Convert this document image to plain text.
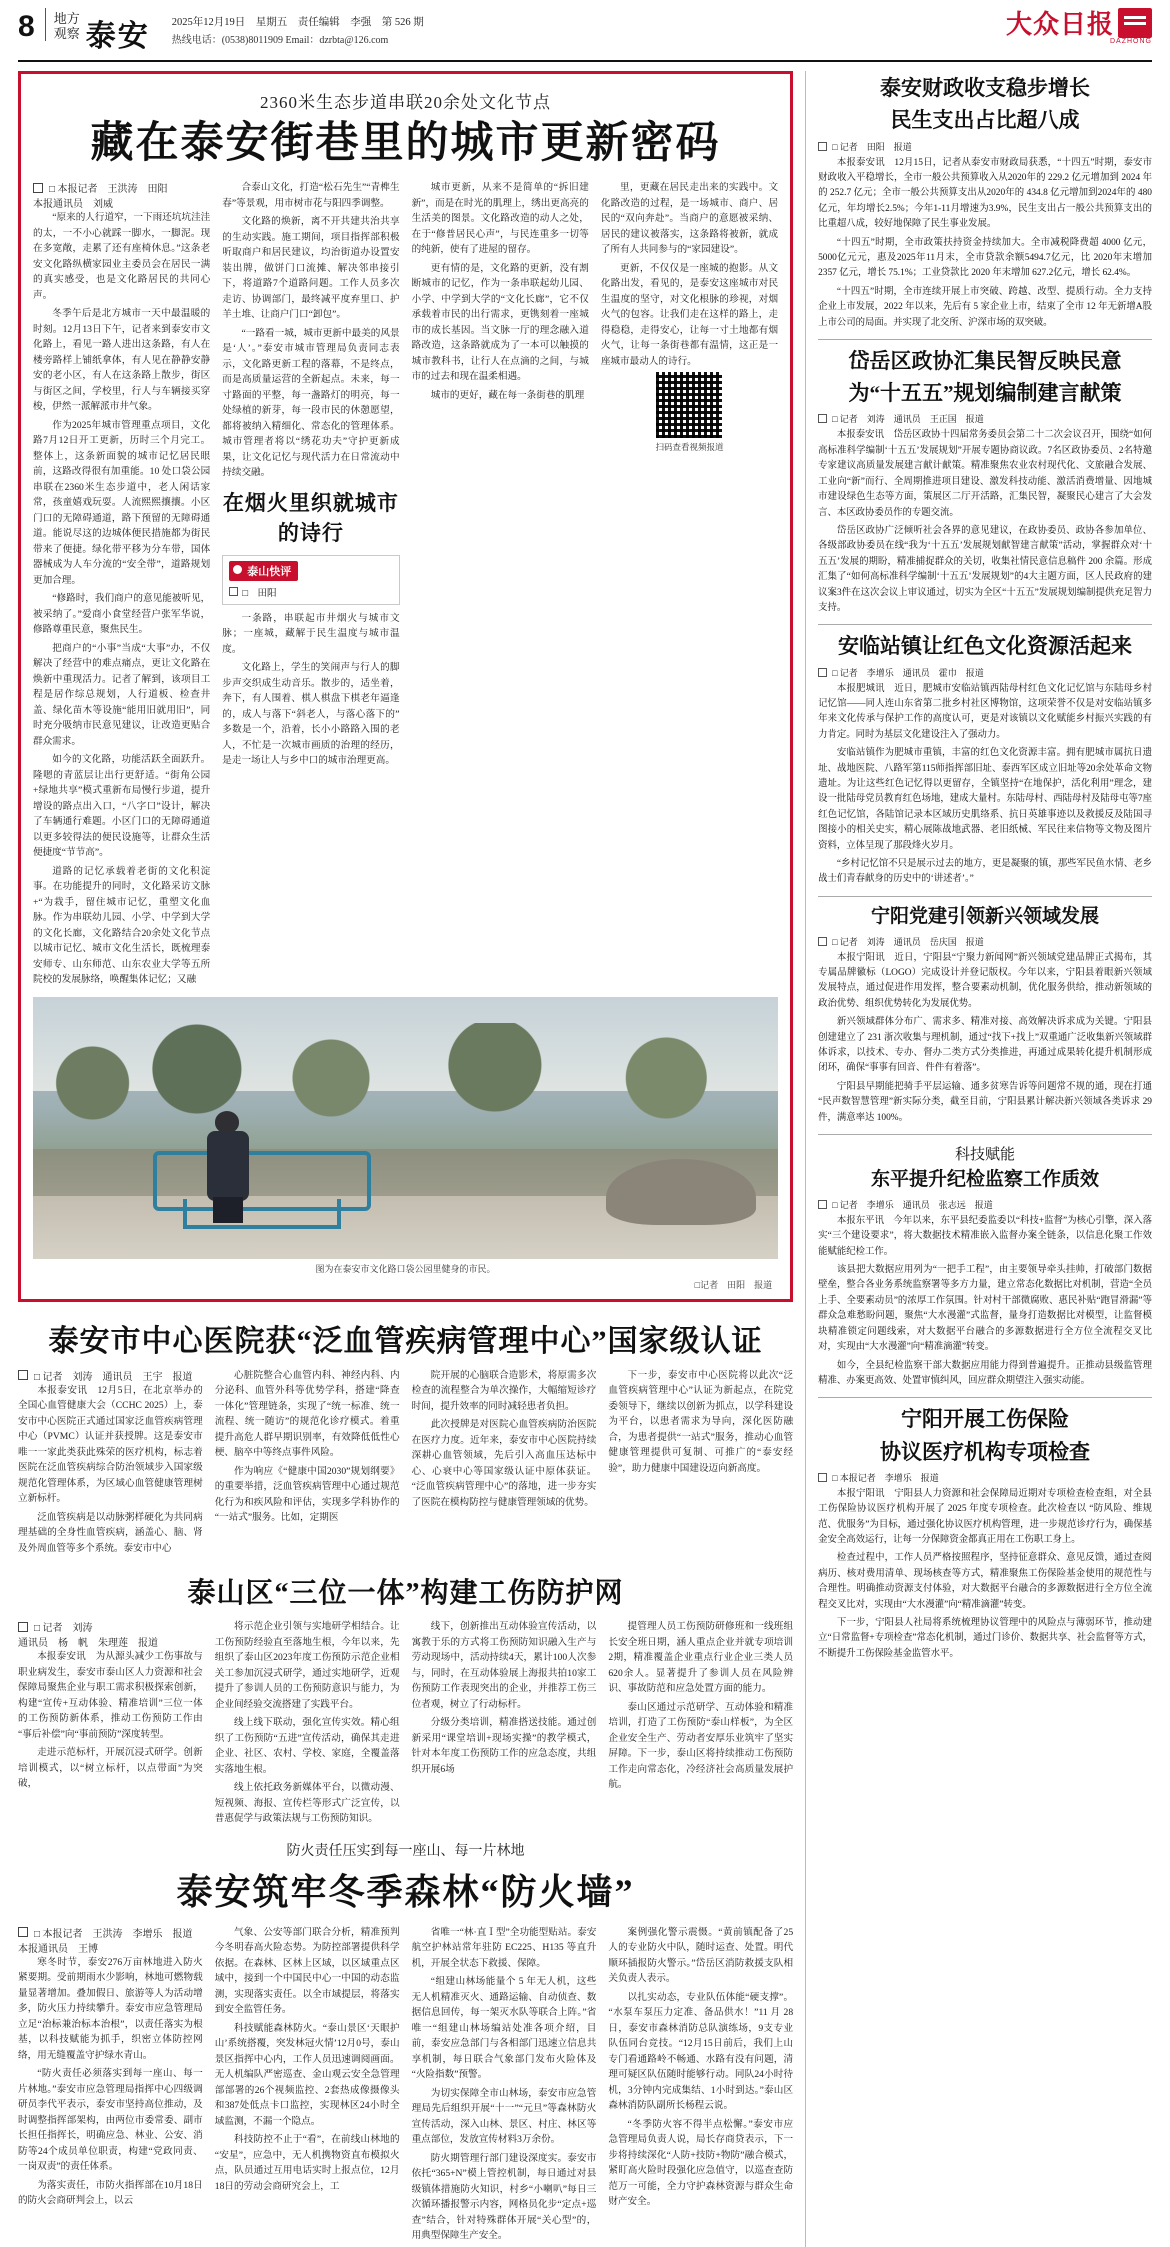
8	地方
观察 泰安	2025年12月19日　星期五　责任编辑　李强　第 526 期
热线电话：(0538)8011909 Email：dzrbta@126.com
大众日报
DAZHONG
2360米生态步道串联20余处文化节点
藏在泰安街巷里的城市更新密码
□ 本报记者　王洪涛　田阳
本报通讯员　刘威

“原来的人行道窄，一下雨还坑坑洼洼的太，一不小心就踩一脚水，一脚泥。现在多宽敞，走累了还有座椅休息。”这条老安文化路纵横家园业主委员会在居民一满的真实感受，也是文化路居民的共同心声。

冬季午后是北方城市一天中最温暖的时刻。12月13日下午，记者来到泰安市文化路上，看见一路人进出这条路，有人在楼旁路样上铺纸拿体，有人见在静静安静安的老小区，有人在这条路上散步，街区与街区之间，学校里，行人与车辆接买穿梭，伊然一派解派市井气象。

作为2025年城市管理重点项目，文化路7月12日开工更新，历时三个月完工。整体上，这条新面貌的城市记忆居民眼前，这路改得很有加重能。10 处口袋公园串联在2360米生态步道中，老人闲话家常，孩童嬉戏玩耍。人流熙熙攘攘。小区门口的无障碍通道，路下预留的无障碍通道。能说尽这的边城体便民措施都为街民带来了便捷。绿化带平移为分车带，国体器械成为人车分流的“安全带”，道路规划更加合理。

“修路时，我们商户的意见能被听见，被采纳了。”爱商小食堂经营户张军华说，修路尊重民意，聚焦民生。

把商户的“小事”当成“大事”办，不仅解决了经营中的难点痛点，更让文化路在焕新中重现活力。记者了解到，该项目工程是居作综总规划，人行道板、检查井盖、绿化苗木等设施“能用旧就用旧”，同时充分吸纳市民意见建议，让改造更贴合群众需求。

如今的文化路，功能活跃全面跃升。隆嗯的青蓝层让出行更舒适。“街角公园+绿地共享”模式重新布局慢行步道，提升增设的路点出入口，“八字口”设计，解决了车辆通行难题。小区门口的无障碍通道以更多较得法的便民设施等，让群众生活便捷度“节节高”。

道路的记忆承载着老街的文化积淀事。在功能提升的同时，文化路采访文脉+“为栽手，留住城市记忆，重塑文化血脉。作为串联幼儿园、小学、中学到大学的文化长廊，文化路结合20余处文化节点以城市记忆、城市文化生活长，既梳理泰安师专、山东师范、山东农业大学等五所院校的发展脉络，唤醒集体记忆；又融

合泰山文化，打造“松石先生”“青榫生春”等景观，用市树市花与阳四季调整。

文化路的焕新，离不开共建共治共享的生动实践。施工期间，项目指挥部积极听取商户和居民建议，均治街道办设置安装出牌，做饼门口流摊、解决邻串接引下，将道路7个道路问题。工作人员多次走访、协调部门，最终减平度弃里口、护羊土堆、让商户门口“卸包”。

“一路看一城，城市更新中最美的风景是‘人’。”泰安市城市管理局负责同志表示，文化路更新工程的落幕，不是终点，而是高质量运营的全新起点。未来，每一寸路面的平整，每一盏路灯的明亮，每一处绿植的新芽，每一段市民的休憩愿望，都将被纳入精细化、常态化的管理体系。城市管理者将以“绣花功夫”守护更新成果，让文化记忆与现代活力在日常流动中持续交融。

在烟火里织就城市的诗行
泰山快评
□　田阳

一条路，串联起市井烟火与城市文脉；一座城，藏解于民生温度与城市温度。

文化路上，学生的笑闹声与行人的脚步声交织成生动音乐。散步的，适坐着，奔下，有人围着、棋人棋盘下棋老年逼逢的，成人与落下“斜老人，与落心落下的”多数是一个，沿着，长小小路路入围的老人，不忙是一次城市画质的治理的经历，是走一场让人与乡中口的城市治理更高。

城市更新，从来不是简单的“拆旧建新”，而是在时光的肌理上，绣出更高亮的生活美的图景。文化路改造的动人之处，在于“修普居民心声”，与民连重多一切等的纯新，使有了进屋的留存。

更有情的是，文化路的更新，没有割断城市的记忆，作为一条串联起幼儿园、小学、中学到大学的“文化长廊”，它不仅承载着市民的出行需求，更镌刻着一座城市的成长基因。当文脉一厅的理念融入道路改造，这条路就成为了一本可以触摸的城市教科书，让行人在点滴的之间，与城市的过去和现在温柔相遇。

城市的更好，藏在每一条街巷的肌理

里，更藏在居民走出来的实践中。文化路改造的过程，是一场城市、商户、居民的“双向奔赴”。当商户的意愿被采纳、居民的建议被落实，这条路将被新，就成了所有人共同参与的“家园建设”。

更新，不仅仅是一座城的抱影。从文化路出发，看见的，是泰安这座城市对民生温度的坚守，对文化根脉的珍视，对烟火气的包容。让我们走在这样的路上，走得稳稳，走得安心，让每一寸土地都有烟火气，让每一条街巷都有温情，这正是一座城市最动人的诗行。

扫码查看视频报道
图为在泰安市文化路口袋公园里健身的市民。
□记者　田阳　报道
泰安市中心医院获“泛血管疾病管理中心”国家级认证
□ 记者　刘涛　通讯员　王宇　报道

本报泰安讯　12月5日，在北京举办的全国心血管健康大会（CCHC 2025）上，泰安市中心医院正式通过国家泛血管疾病管理中心（PVMC）认证并获授牌。这是泰安市唯一一家此类获此殊荣的医疗机构，标志着医院在泛血管疾病综合防治领域步入国家级规范化管理体系，为区域心血管健康管理树立新标杆。

泛血管疾病是以动脉粥样硬化为共同病理基础的全身性血管疾病，涵盖心、脑、肾及外周血管等多个系统。泰安市中心

心脏院整合心血管内科、神经内科、内分泌科、血管外科等优势学科，搭建“降查一体化”管理链条，实现了“统一标准、统一流程、统一随访”的规范化诊疗模式。着重提升高危人群早期识别率，有效降低低性心梗、脑卒中等终点事件风险。

作为响应《“健康中国2030”规划纲要》的重要举措，泛血管疾病管理中心通过规范化行为和疾风险和评估，实现多学科协作的“一站式”服务。比如，定期医

院开展的心脑联合造影术，将原需多次检查的流程整合为单次操作，大幅缩短诊疗时间，提升效率的同时减轻患者负担。

此次授牌是对医院心血管疾病防治医院在医疗力度。近年来，泰安市中心医院持续深耕心血管领域，先后引入高血压达标中心、心衰中心等国家级认证中原体获证。“泛血管疾病管理中心”的落地，进一步夯实了医院在模构防控与健康管理领域的优势。

下一步，泰安市中心医院将以此次“泛血管疾病管理中心”认证为新起点，在院党委领导下，继续以创新为抓点，以学科建设为平台，以患者需求为导向，深化医防融合，为患者提供“一站式”服务，推动心血管健康管理提供可复制、可推广的“泰安经验”，助力健康中国建设迈向新高度。

泰山区“三位一体”构建工伤防护网
□ 记者　刘涛
通讯员　杨　帆　朱理莲　报道

本报泰安讯　为从源头减少工伤事故与职业病发生，泰安市泰山区人力资源和社会保障局聚焦企业与职工需求积极探索创新，构建“宣传+互动体验、精准培训”三位一体的工伤预防新体系，推动工伤预防工作由“事后补偿”向“事前预防”深度转型。

走进示范标杆，开展沉浸式研学。创新培训模式，以“树立标杆，以点带面”为突破，

将示范企业引领与实地研学相结合。让工伤预防经验直至落地生根，今年以来，先组织了泰山区2023年度工伤预防示范企业相关工参加沉浸式研学，通过实地研学，近观提升了参训人员的工伤预防意识与能力，为企业间经验交流搭建了实践平台。

线上线下联动，强化宣传实效。精心组织了工伤预防“五进”宣传活动，确保其走进企业、社区、农村、学校、家庭，全覆盖落实落地生根。

线上依托政务新媒体平台，以微动漫、短视频、海报、宣传栏等形式广泛宣传，以普惠促学与政策法规与工伤预防知识。

线下，创新推出互动体验宣传活动，以寓教于乐的方式将工伤预防知识融入生产与劳动现场中，活动持续4天，累计100人次参与，同时，在互动体验展上海报共拍10家工伤预防工作表现突出的企业，并推荐工伤三位者观，树立了行动标杆。

分级分类培训，精准搭送技能。通过创新采用“课堂培训+现场实操”的教学模式，针对本年度工伤预防工作的应急态度，共组织开展6场

提管理人员工伤预防研修班和一线班组长安全班日期，涵人重点企业并就专项培训2期，精准覆盖企业重点行业企业三类人员620余人。显著提升了参训人员在风险辨识、事故防范和应急处置方面的能力。

泰山区通过示范研学、互动体验和精准培训，打造了工伤预防“泰山样板”，为全区企业安全生产、劳动者安厚乐业筑牢了坚实屏障。下一步，泰山区将持续推动工伤预防工作走向常态化，冷经济社会高质量发展护航。

防火责任压实到每一座山、每一片林地
泰安筑牢冬季森林“防火墙”
□ 本报记者　王洪涛　李增乐　报道
本报通讯员　王博

寒冬时节，泰安276万亩林地进入防火紧要期。受前期雨水少影响，林地可燃物载量显著增加。叠加假日、旅游等人为活动增多，防火压力持续攀升。泰安市应急管理局立足“治标兼治标本治根”，以责任落实为根基，以科技赋能为抓手，织密立体防控网络，用无缝覆盖守护绿水青山。

“防火责任必须落实到每一座山、每一片林地。”泰安市应急管理局指挥中心四级调研员李代平表示，泰安市坚持高位推动，及时调整指挥部架构，由两位市委常委、副市长担任指挥长，明确应急、林业、公安、消防等24个成员单位职责，构建“党政同责、一岗双责”的责任体系。

为落实责任，市防火指挥部在10月18日的防火会商研判会上，以云

气象、公安等部门联合分析，精准预判今冬明春高火险态势。为防控部署提供科学依据。在森林、区林上区域，以区域重点区域中，接到一个中国民中心一中国的动态监测，实现落实责任。以全市域提层，将落实到安全监管任务。

科技赋能森林防火。“泰山景区‘天眼护山’系统搭覆，突发林冠火情’12月0号，泰山景区指挥中心内，工作人员迅速调阅画面。无人机编队严密巡查、金山观云安全急管理部部署的26个视频监控、2套热成像摄像头和387处低点卡口监控，实现林区24小时全域监测，不漏一个隐点。

科技防控不止于“看”，在前线山林地的“安星”，应急中，无人机携物资直布模拟火点，队员通过互用电话实时上报点位，12月18日的劳动会商研究会上，工

省唯一“林·直Ⅰ型”全功能型贴站。泰安航空护林站常年驻防 EC225、H135 等直升机，开展全状态下救援、保障。

“组建山林场能量个 5 年无人机，这些无人机精准灭火、通路运输、自动侦查、数据信息回传，每一架灭水队等联合上阵。”省唯一“组建山林场编站处准各项介绍，目前，泰安应急部门与各相部门迅速立信息共享机制，每日联合气象部门发布火险体及“火险指数”预警。

为切实保障全市山林场，泰安市应急管理局先后组织开展“十一”“元旦”等森林防火宣传活动，深入山林、景区、村庄、林区等重点部位，发放宣传材料3万余份。

防火期管理行部门建设深度实。泰安市依托“365+N”模上管控机制，每日通过对县级镇体措施防火知识，村乡“小喇叭”每日三次循环播报警示内容，网格员化步“定点+巡查”结合，针对特殊群体开展“关心型”的，用典型保障生产安全。

案例强化警示震慑。“黄前镇配备了25人的专业防火中队，随时运查、处置。明代顺环插报防火警示。”岱岳区消防救援支队相关负责人表示。

以扎实动态，专业队伍体能“硬支撑”。“水泵车泵压力定准、备品供水！”11 月 28 日，泰安市森林消防总队演练场，9支专业队伍同台竞技。“12月15日前后，我们上山专门看通路岭不畅通、水路有没有问题，清理可疑区队伍随时能够行动。同队24小时待机，3分钟内完成集结、1小时到达。”泰山区森林消防队副所长杨程云说。

“冬季防火容不得半点松懈。”泰安市应急管理局负责人说，局长存商贷表示，下一步将持续深化“人防+技防+物防”融合模式，紧盯高火险时段强化应急值守，以巡查查防范万一可能，全力守护森林资源与群众生命财产安全。

泰安财政收支稳步增长
民生支出占比超八成
□ 记者　田阳　报道

本报泰安讯　12月15日，记者从泰安市财政局获悉，“十四五”时期，泰安市财政收入平稳增长，全市一般公共预算收入从2020年的 229.2 亿元增加到 2024 年的 252.7 亿元；全市一般公共预算支出从2020年的 434.8 亿元增加到2024年的 480亿元，年均增长2.5%；今年1-11月增速为3.9%，民生支出占一般公共预算支出的比重超八成，较好地保障了民生事业发展。

“十四五”时期，全市政策扶持资金持续加大。全市减税降费超 4000 亿元，5000亿元元，惠及2025年11月末，全市贷款余额5494.7亿元，比 2020年末增加 2357 亿元，增长 75.1%；工业贷款比 2020 年末增加 627.2亿元，增长 62.4%。

“十四五”时期，全市连续开展上市突破、跨越、改型、提质行动。全力支持企业上市发展，2022 年以来，先后有 5 家企业上市，结束了全市 12 年无新增A股上市公司的局面。并实现了北交所、沪深市场的双突破。

岱岳区政协汇集民智反映民意
为“十五五”规划编制建言献策
□ 记者　刘涛　通讯员　王正国　报道

本报泰安讯　岱岳区政协十四届常务委员会第二十二次会议召开，围绕“如何高标准科学编制‘十五五’发展规划”开展专题协商议政。7名区政协委员、2名特邀专家建议高质量发展建言献计献策。精准聚焦农业农村现代化、文旅融合发展、工业向“新”而行、全周期推进项目建设、激发科技动能、激活消费增量、因地城市建设绿色生态等方面，策展区二厅开活路，汇集民智，凝聚民心建言了大会发言、本区政协委员作的专题交流。

岱岳区政协广泛倾听社会各界的意见建议，在政协委员、政协各参加单位、各级部政协委员在线“我为‘十五五’发展规划献智建言献策”活动，掌握群众对‘十五五’发展的期盼，精准捕捉群众的关切，收集社情民意信息稿件 200 余篇。形成汇集了“如何高标准科学编制‘十五五’发展规划”的4大主题方面，区人民政府的建议案3件在这次会议上审议通过，切实为全区“十五五”发展规划编制提供充足智力支持。

安临站镇让红色文化资源活起来
□ 记者　李增乐　通讯员　霍巾　报道

本报肥城讯　近日，肥城市安临站镇西陆母村红色文化记忆馆与东陆母乡村记忆馆——同人连山东省第二批乡村社区博物馆，这项荣誉不仅是对安临站镇多年来文化传承与保护工作的高度认可，更是对该镇以文化赋能乡村振兴实践的有力肯定。同时为基层文化建设注入了强动力。

安临站镇作为肥城市重镇，丰富的红色文化资源丰富。拥有肥城市属抗日遗址、战地医院、八路军第115师指挥部旧址、泰西军区成立旧址等20余处革命文物遗址。为让这些红色记忆得以更留存，全镇坚持“在地保护，活化利用”理念，建设一批陆母党员教育红色场地，建成大量村。东陆母村、西陆母村及陆母屯等7座红色记忆馆，各陆馆记录本区域历史肌络系、抗日英雄事迹以及救援反及陆国寻图接小的相关史实，精心展陈战地武器、老旧纸械、军民往来信物等文物及图片资料，立体呈现了那段烽火岁月。

“乡村记忆馆不只是展示过去的地方，更是凝聚的镇，那些军民鱼水情、老乡战士们青春献身的历史中的‘讲述者’。”

宁阳党建引领新兴领域发展
□ 记者　刘涛　通讯员　岳庆国　报道

本报宁阳讯　近日，宁阳县“宁聚力新闻网”新兴领域党建品牌正式揭布，其专属品牌徽标（LOGO）完成设计并登记版权。今年以来，宁阳县着眼新兴领域发展特点，通过促进作用发挥，整合要素动机制，优化服务供给，推动新领域的政治优势、组织优势转化为发展优势。

新兴领域群体分布广、需求多、精准对接、高效解决诉求成为关键。宁阳县创建建立了 231 浙次收集与理机制，通过“找下+找上”双重通广泛收集新兴领域群体诉求，以技术、专办、督办二类方式分类推进，再通过成果转化提升机制形成闭环，确保“事事有回音、件件有着落”。

宁阳县早期能把骑手平层运输、通多贫寒告诉等问题常不规的通，现在打通“民声数智慧管理”新实际分类，截至目前，宁阳县累计解决新兴领域各类诉求 29 件，满意率达 100%。

科技赋能
东平提升纪检监察工作质效
□ 记者　李增乐　通讯员　张志远　报道

本报东平讯　今年以来，东平县纪委监委以“科技+监督”为核心引擎，深入落实“三个建设要求”，将大数据技术精准嵌入监督办案全链条，以信息化聚工作效能赋能纪检工作。

该县把大数据应用列为“一把手工程”，由主要领导牵头挂帅，打破部门数据壁垒，整合各业务系统监察署等多方力量，建立常态化数据比对机制，营造“全员上手、全要素动员”的浓厚工作氛围。针对村干部微腐败、惠民补贴“跑冒滑漏”等群众急难愁盼问题，聚焦“大水漫灌”式监督，量身打造数据比对模型，让监督模块精准锁定问题线索，对大数据平台融合的多源数据进行全方位全流程交叉比对，实现由“大水漫灌”向“精准滴灌”转变。

如今，全县纪检监察干部大数据应用能力得到普遍提升。正推动县级监管理精准、办案更高效、处置审慎纠风，回应群众期望注入强实动能。

宁阳开展工伤保险
协议医疗机构专项检查
□ 本报记者　李增乐　报道

本报宁阳讯　宁阳县人力资源和社会保障局近期对专项检查检查组，对全县工伤保险协议医疗机构开展了 2025 年度专项检查。此次检查以 “防风险、维规范、优服务”为目标，通过强化协议医疗机构管理，进一步规范诊疗行为，确保基金安全高效运行，让每一分保障资金都真正用在工伤职工身上。

检查过程中，工作人员严格按照程序，坚持征意群众、意见反馈，通过查阅病历、核对费用清单、现场核查等方式，精准聚焦工伤保险基金使用的规范性与合理性。明确推动资源支付体验，对大数据平台融合的多源数据进行全方位全流程交叉比对，实现由“大水漫灌”向“精准滴灌”转变。

下一步，宁阳县人社局将系统梳理协议管理中的风险点与薄弱环节，推动建立“日常监督+专项检查”常态化机制，通过门诊价、数据共享、社会监督等方式，不断提升工伤保险基金监管水平。
